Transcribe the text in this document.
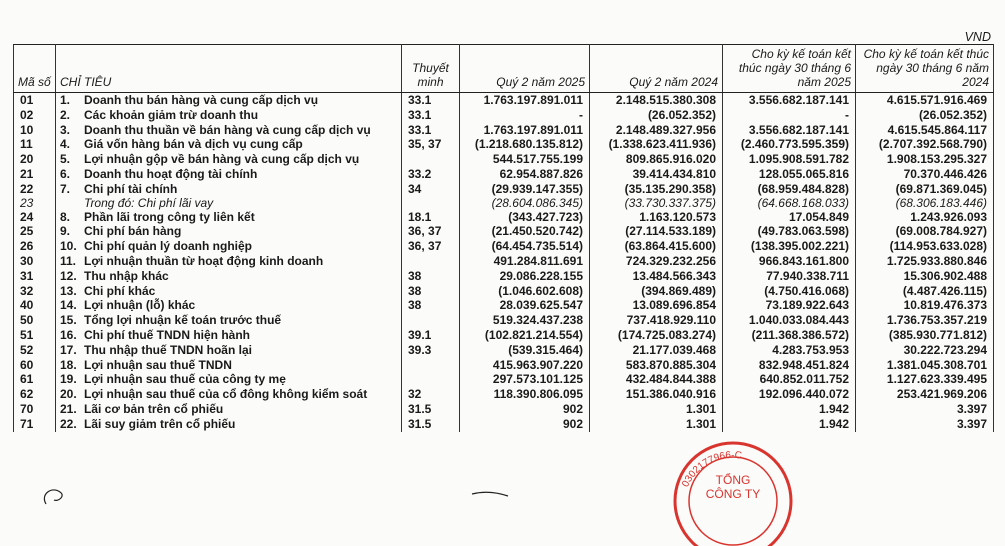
VND
Mã số	CHỈ TIÊU	Thuyết minh	Quý 2 năm 2025	Quý 2 năm 2024	Cho kỳ kế toán kết thúc ngày 30 tháng 6 năm 2025	Cho kỳ kế toán kết thúc ngày 30 tháng 6 năm 2024
01	1. Doanh thu bán hàng và cung cấp dịch vụ	33.1	1.763.197.891.011	2.148.515.380.308	3.556.682.187.141	4.615.571.916.469
02	2. Các khoản giảm trừ doanh thu	33.1	-	(26.052.352)	-	(26.052.352)
10	3. Doanh thu thuần về bán hàng và cung cấp dịch vụ	33.1	1.763.197.891.011	2.148.489.327.956	3.556.682.187.141	4.615.545.864.117
11	4. Giá vốn hàng bán và dịch vụ cung cấp	35, 37	(1.218.680.135.812)	(1.338.623.411.936)	(2.460.773.595.359)	(2.707.392.568.790)
20	5. Lợi nhuận gộp về bán hàng và cung cấp dịch vụ		544.517.755.199	809.865.916.020	1.095.908.591.782	1.908.153.295.327
21	6. Doanh thu hoạt động tài chính	33.2	62.954.887.826	39.414.434.810	128.055.065.816	70.370.446.426
22	7. Chi phí tài chính	34	(29.939.147.355)	(35.135.290.358)	(68.959.484.828)	(69.871.369.045)
23	Trong đó: Chi phí lãi vay		(28.604.086.345)	(33.730.337.375)	(64.668.168.033)	(68.306.183.446)
24	8. Phần lãi trong công ty liên kết	18.1	(343.427.723)	1.163.120.573	17.054.849	1.243.926.093
25	9. Chi phí bán hàng	36, 37	(21.450.520.742)	(27.114.533.189)	(49.783.063.598)	(69.008.784.927)
26	10. Chi phí quản lý doanh nghiệp	36, 37	(64.454.735.514)	(63.864.415.600)	(138.395.002.221)	(114.953.633.028)
30	11. Lợi nhuận thuần từ hoạt động kinh doanh		491.284.811.691	724.329.232.256	966.843.161.800	1.725.933.880.846
31	12. Thu nhập khác	38	29.086.228.155	13.484.566.343	77.940.338.711	15.306.902.488
32	13. Chi phí khác	38	(1.046.602.608)	(394.869.489)	(4.750.416.068)	(4.487.426.115)
40	14. Lợi nhuận (lỗ) khác	38	28.039.625.547	13.089.696.854	73.189.922.643	10.819.476.373
50	15. Tổng lợi nhuận kế toán trước thuế		519.324.437.238	737.418.929.110	1.040.033.084.443	1.736.753.357.219
51	16. Chi phí thuế TNDN hiện hành	39.1	(102.821.214.554)	(174.725.083.274)	(211.368.386.572)	(385.930.771.812)
52	17. Thu nhập thuế TNDN hoãn lại	39.3	(539.315.464)	21.177.039.468	4.283.753.953	30.222.723.294
60	18. Lợi nhuận sau thuế TNDN		415.963.907.220	583.870.885.304	832.948.451.824	1.381.045.308.701
61	19. Lợi nhuận sau thuế của công ty mẹ		297.573.101.125	432.484.844.388	640.852.011.752	1.127.623.339.495
62	20. Lợi nhuận sau thuế của cổ đông không kiểm soát	32	118.390.806.095	151.386.040.916	192.096.440.072	253.421.969.206
70	21. Lãi cơ bản trên cổ phiếu	31.5	902	1.301	1.942	3.397
71	22. Lãi suy giảm trên cổ phiếu	31.5	902	1.301	1.942	3.397
0302177966-C
TỔNG
CÔNG TY
